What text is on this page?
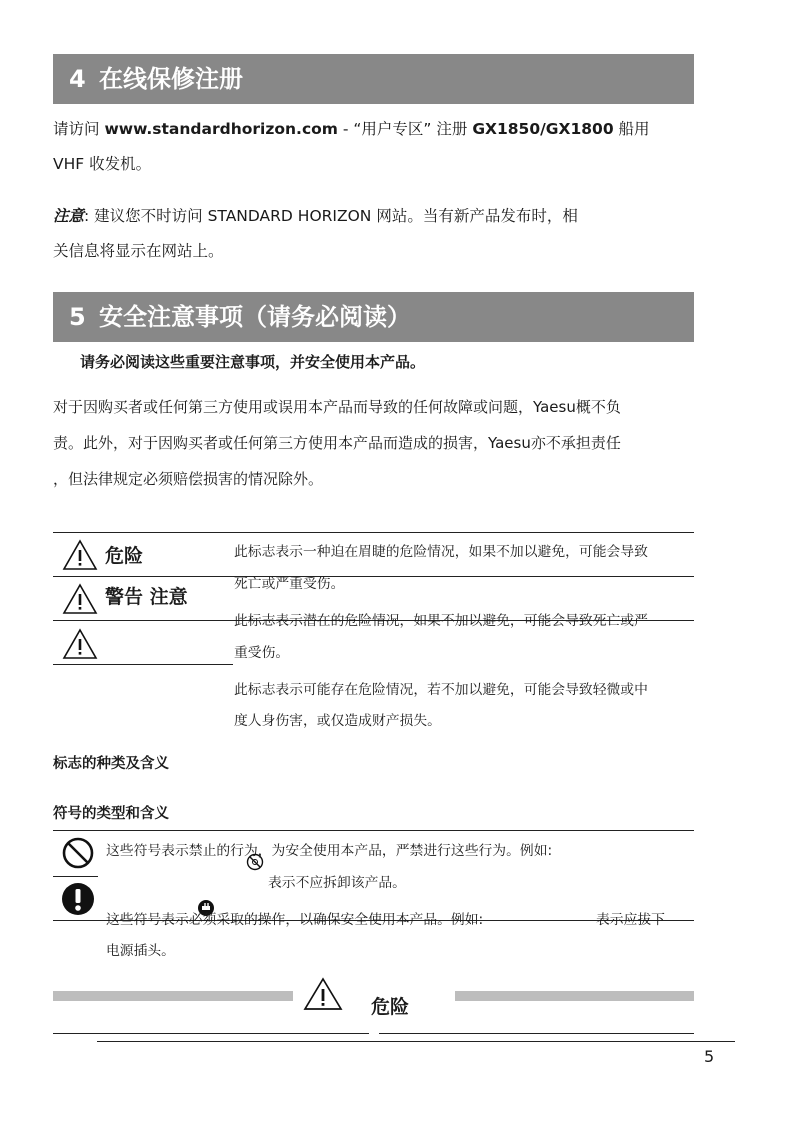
4 在线保修注册
请访问 www.standardhorizon.com - “用户专区” 注册 GX1850/GX1800 船用
VHF 收发机。
注意: 建议您不时访问 STANDARD HORIZON 网站。当有新产品发布时，相
关信息将显示在网站上。
5 安全注意事项（请务必阅读）
请务必阅读这些重要注意事项，并安全使用本产品。
对于因购买者或任何第三方使用或误用本产品而导致的任何故障或问题，Yaesu概不负
责。此外，对于因购买者或任何第三方使用本产品而造成的损害，Yaesu亦不承担责任
，但法律规定必须赔偿损害的情况除外。
危险
警告 注意
此标志表示一种迫在眉睫的危险情况，如果不加以避免，可能会导致
死亡或严重受伤。
此标志表示潜在的危险情况，如果不加以避免，可能会导致死亡或严
重受伤。
此标志表示可能存在危险情况，若不加以避免，可能会导致轻微或中
度人身伤害，或仅造成财产损失。
标志的种类及含义
符号的类型和含义
这些符号表示禁止的行为，为安全使用本产品，严禁进行这些行为。例如:
表示不应拆卸该产品。
这些符号表示必须采取的操作，以确保安全使用本产品。例如:	表示应拔下
电源插头。
危险
5
